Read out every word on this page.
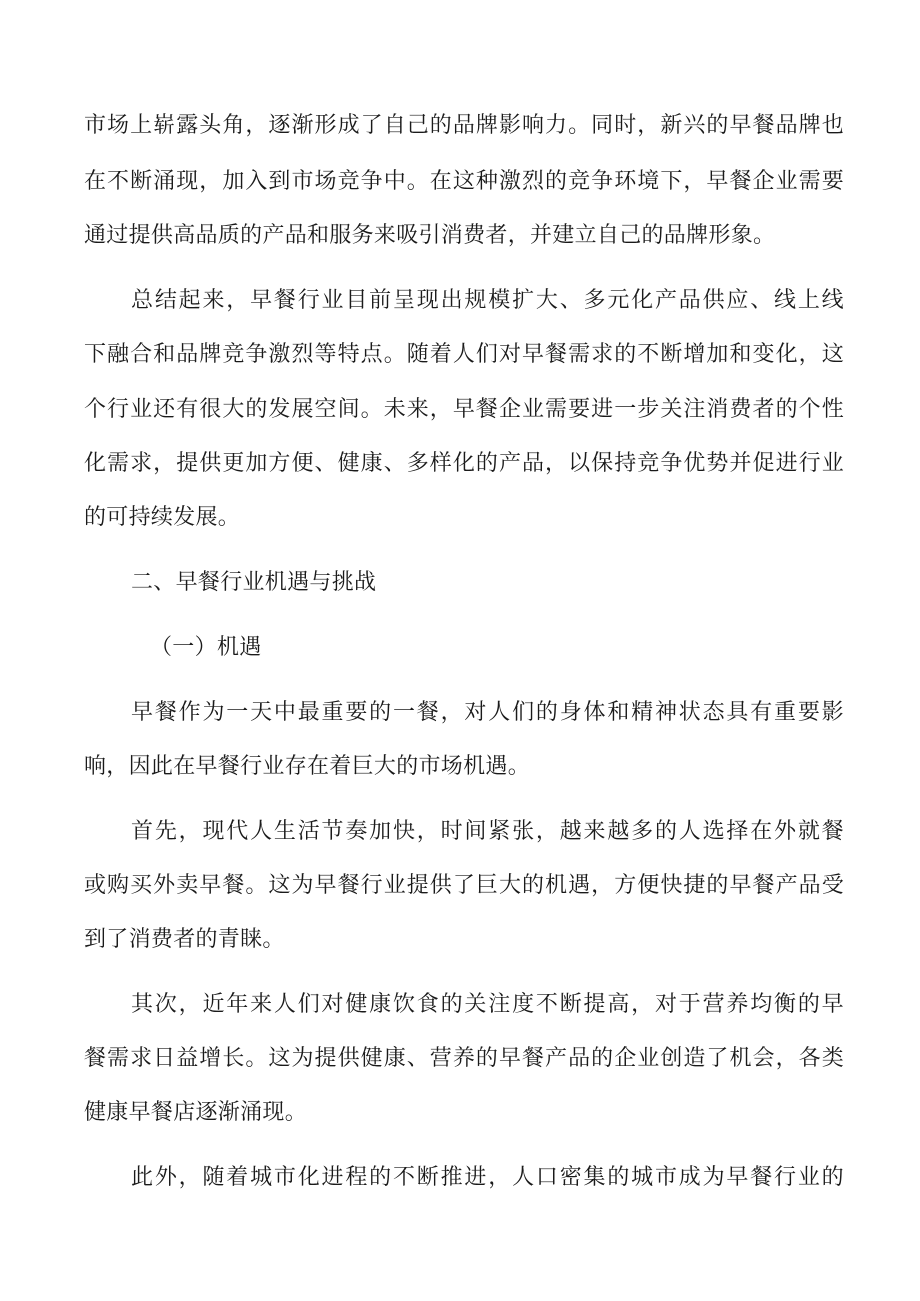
市场上崭露头角，逐渐形成了自己的品牌影响力。同时，新兴的早餐品牌也
在不断涌现，加入到市场竞争中。在这种激烈的竞争环境下，早餐企业需要
通过提供高品质的产品和服务来吸引消费者，并建立自己的品牌形象。
总结起来，早餐行业目前呈现出规模扩大、多元化产品供应、线上线
下融合和品牌竞争激烈等特点。随着人们对早餐需求的不断增加和变化，这
个行业还有很大的发展空间。未来，早餐企业需要进一步关注消费者的个性
化需求，提供更加方便、健康、多样化的产品，以保持竞争优势并促进行业
的可持续发展。
二、早餐行业机遇与挑战
（一）机遇
早餐作为一天中最重要的一餐，对人们的身体和精神状态具有重要影
响，因此在早餐行业存在着巨大的市场机遇。
首先，现代人生活节奏加快，时间紧张，越来越多的人选择在外就餐
或购买外卖早餐。这为早餐行业提供了巨大的机遇，方便快捷的早餐产品受
到了消费者的青睐。
其次，近年来人们对健康饮食的关注度不断提高，对于营养均衡的早
餐需求日益增长。这为提供健康、营养的早餐产品的企业创造了机会，各类
健康早餐店逐渐涌现。
此外，随着城市化进程的不断推进，人口密集的城市成为早餐行业的
